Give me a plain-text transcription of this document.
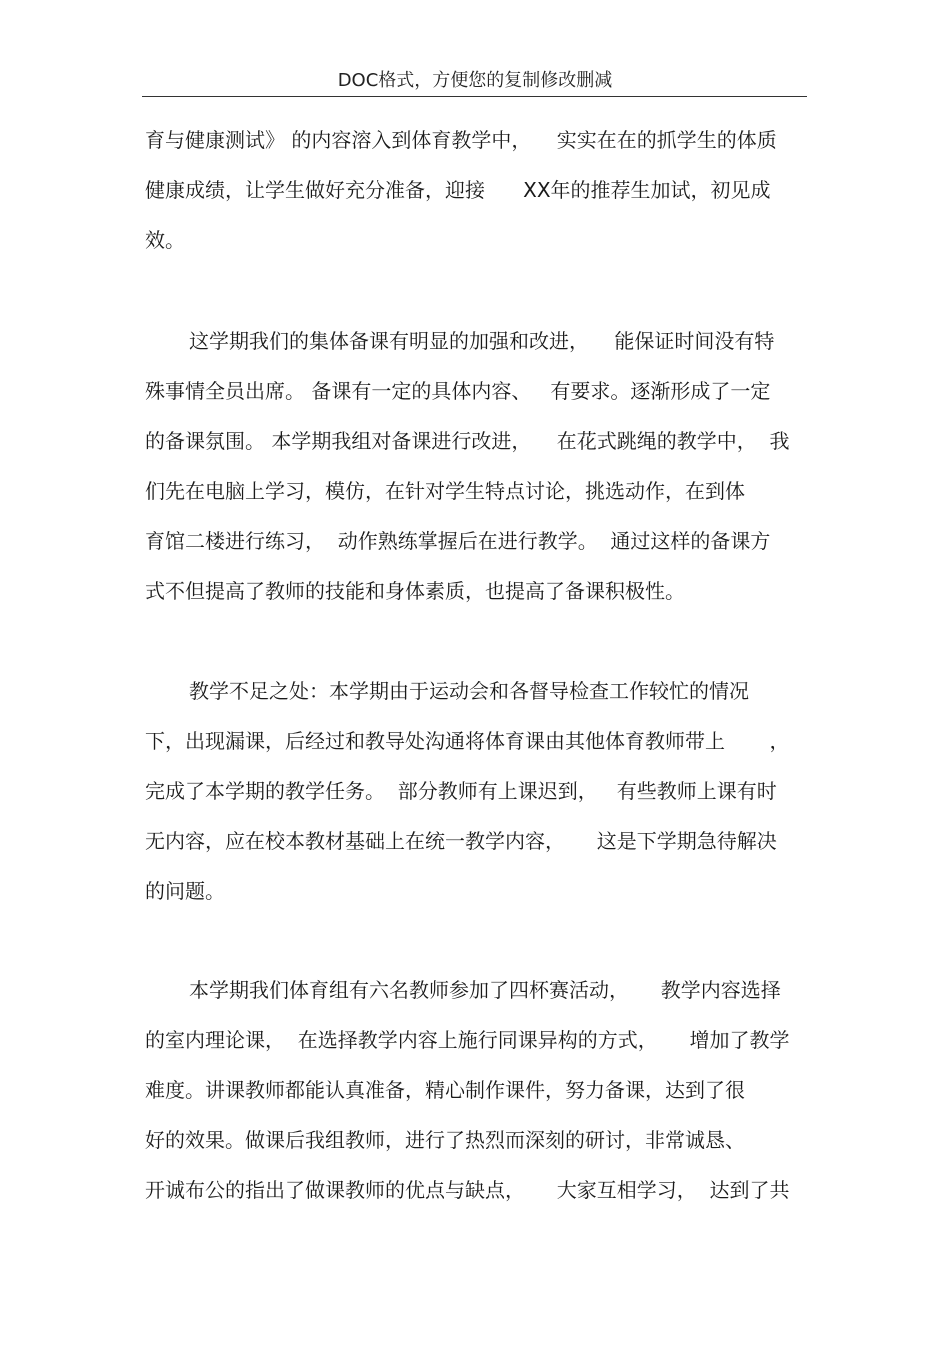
DOC格式，方便您的复制修改删减
育与健康测试》 的内容溶入到体育教学中，    实实在在的抓学生的体质
健康成绩，让学生做好充分准备，迎接      XX年的推荐生加试，初见成
效。
这学期我们的集体备课有明显的加强和改进，    能保证时间没有特
殊事情全员出席。 备课有一定的具体内容、   有要求。逐渐形成了一定
的备课氛围。 本学期我组对备课进行改进，    在花式跳绳的教学中，  我
们先在电脑上学习，模仿，在针对学生特点讨论，挑选动作，在到体
育馆二楼进行练习，  动作熟练掌握后在进行教学。  通过这样的备课方
式不但提高了教师的技能和身体素质，也提高了备课积极性。
教学不足之处：本学期由于运动会和各督导检查工作较忙的情况
下，出现漏课，后经过和教导处沟通将体育课由其他体育教师带上       ，
完成了本学期的教学任务。  部分教师有上课迟到，   有些教师上课有时
无内容，应在校本教材基础上在统一教学内容，     这是下学期急待解决
的问题。
本学期我们体育组有六名教师参加了四杯赛活动，     教学内容选择
的室内理论课，  在选择教学内容上施行同课异构的方式，     增加了教学
难度。讲课教师都能认真准备，精心制作课件，努力备课，达到了很
好的效果。做课后我组教师，进行了热烈而深刻的研讨，非常诚恳、
开诚布公的指出了做课教师的优点与缺点，     大家互相学习，  达到了共
